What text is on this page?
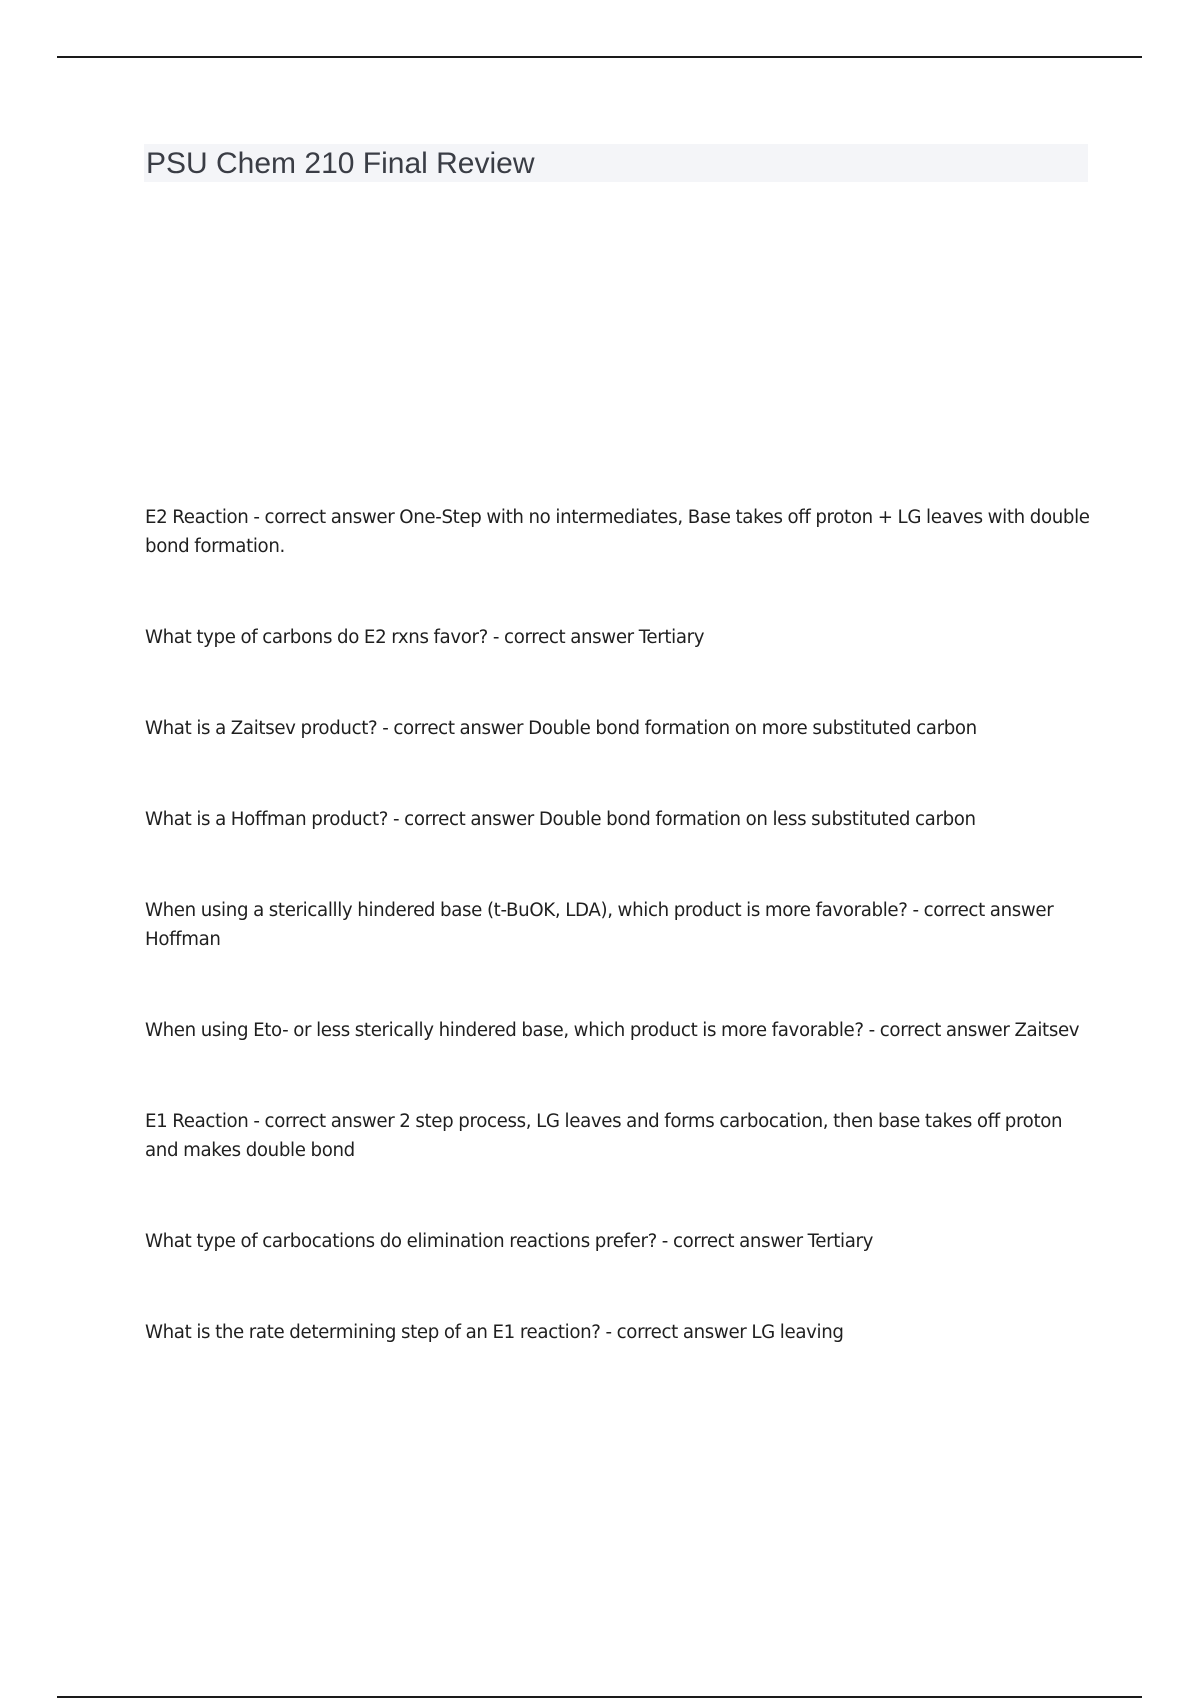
PSU Chem 210 Final Review
E2 Reaction - correct answer One-Step with no intermediates, Base takes off proton + LG leaves with double bond formation.
What type of carbons do E2 rxns favor? - correct answer Tertiary
What is a Zaitsev product? - correct answer Double bond formation on more substituted carbon
What is a Hoffman product? - correct answer Double bond formation on less substituted carbon
When using a stericallly hindered base (t-BuOK, LDA), which product is more favorable? - correct answer Hoffman
When using Eto- or less sterically hindered base, which product is more favorable? - correct answer Zaitsev
E1 Reaction - correct answer 2 step process, LG leaves and forms carbocation, then base takes off proton and makes double bond
What type of carbocations do elimination reactions prefer? - correct answer Tertiary
What is the rate determining step of an E1 reaction? - correct answer LG leaving
